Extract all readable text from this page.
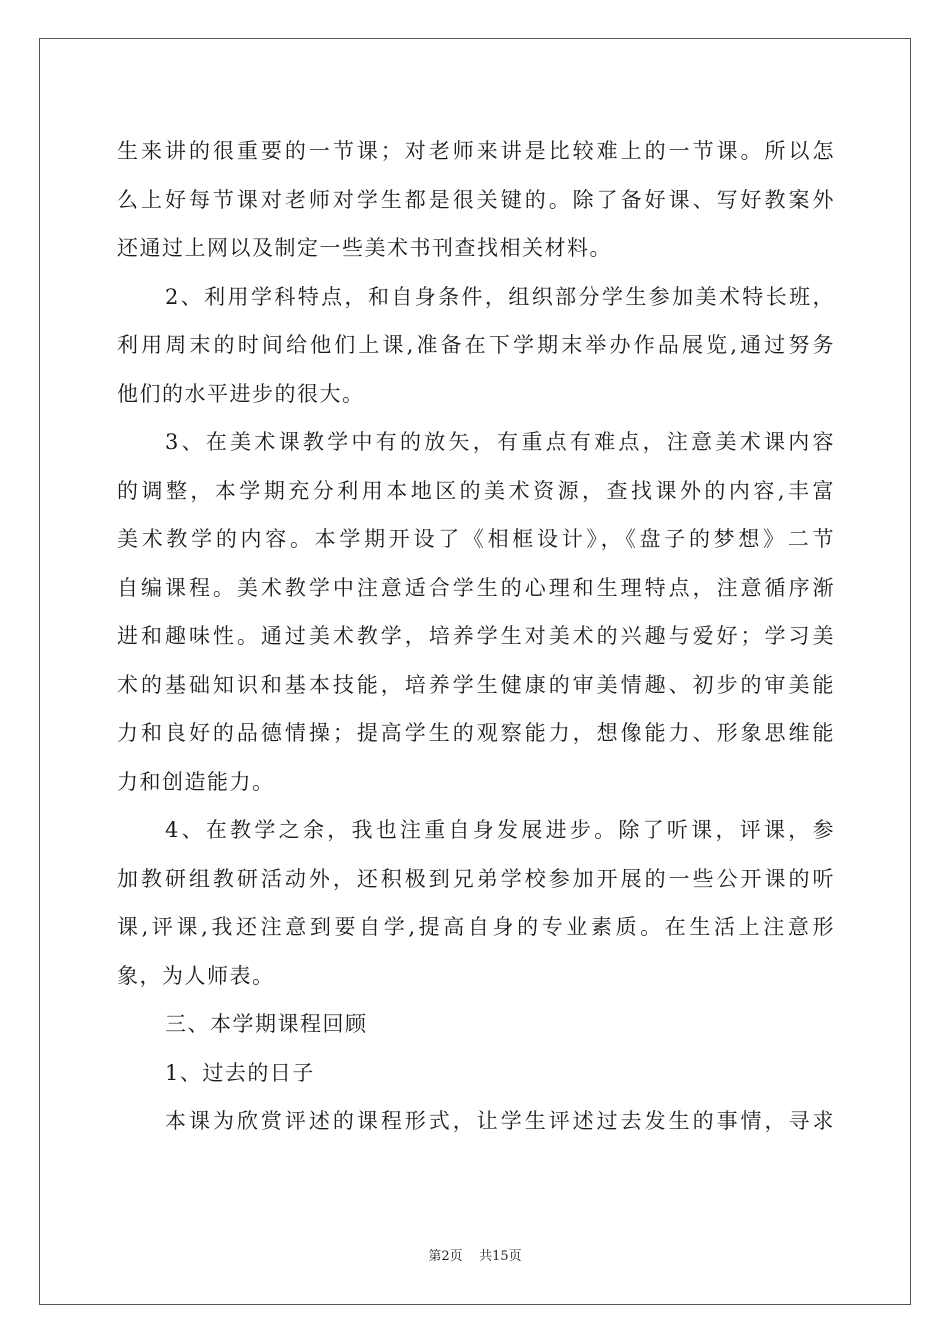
生来讲的很重要的一节课；对老师来讲是比较难上的一节课。所以怎
么上好每节课对老师对学生都是很关键的。除了备好课、写好教案外
还通过上网以及制定一些美术书刊查找相关材料。
2、利用学科特点，和自身条件，组织部分学生参加美术特长班，
利用周末的时间给他们上课,准备在下学期末举办作品展览,通过努务
他们的水平进步的很大。
3、在美术课教学中有的放矢，有重点有难点，注意美术课内容
的调整，本学期充分利用本地区的美术资源，查找课外的内容,丰富
美术教学的内容。本学期开设了《相框设计》，《盘子的梦想》二节
自编课程。美术教学中注意适合学生的心理和生理特点，注意循序渐
进和趣味性。通过美术教学，培养学生对美术的兴趣与爱好；学习美
术的基础知识和基本技能，培养学生健康的审美情趣、初步的审美能
力和良好的品德情操；提高学生的观察能力，想像能力、形象思维能
力和创造能力。
4、在教学之余，我也注重自身发展进步。除了听课，评课，参
加教研组教研活动外，还积极到兄弟学校参加开展的一些公开课的听
课,评课,我还注意到要自学,提高自身的专业素质。在生活上注意形
象，为人师表。
三、本学期课程回顾
1、过去的日子
本课为欣赏评述的课程形式，让学生评述过去发生的事情，寻求
第2页    共15页
